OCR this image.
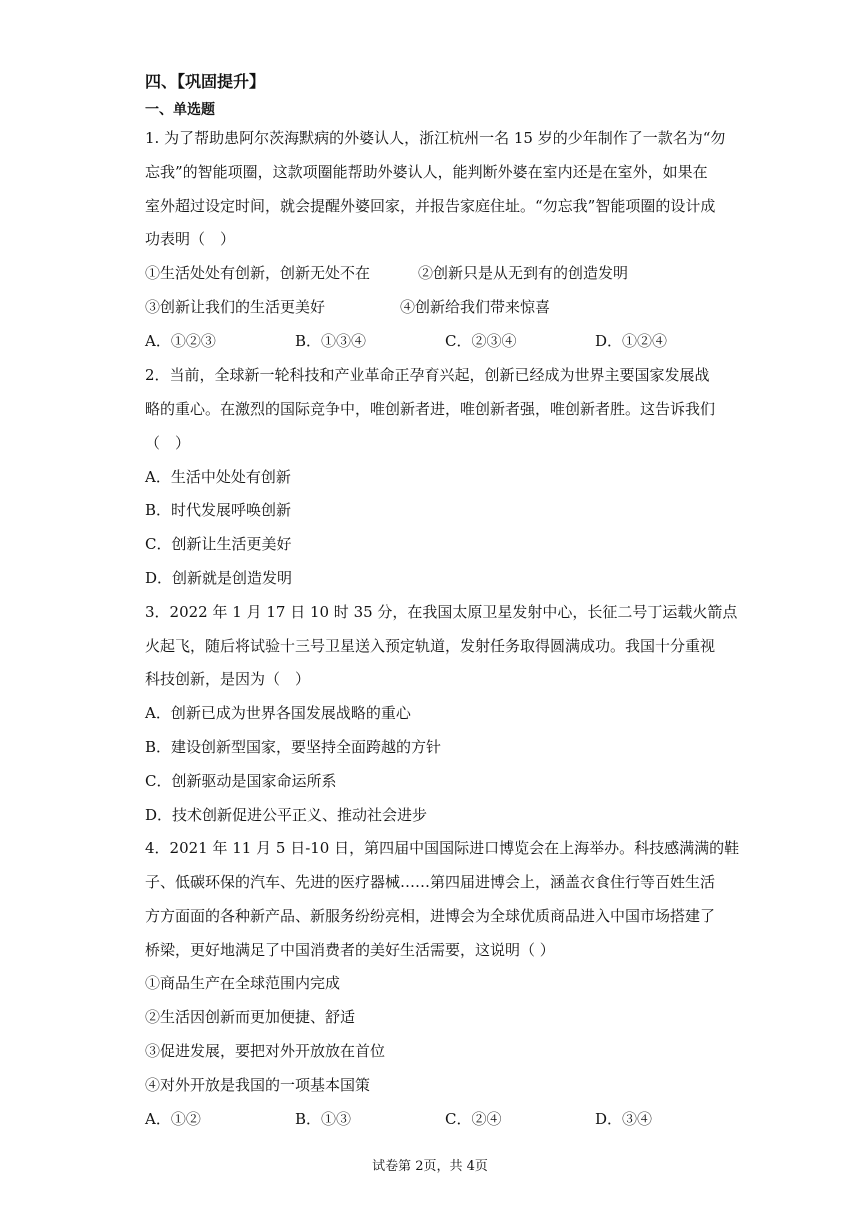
四、【巩固提升】
一、单选题
1. 为了帮助患阿尔茨海默病的外婆认人，浙江杭州一名 15 岁的少年制作了一款名为“勿
忘我”的智能项圈，这款项圈能帮助外婆认人，能判断外婆在室内还是在室外，如果在
室外超过设定时间，就会提醒外婆回家，并报告家庭住址。“勿忘我”智能项圈的设计成
功表明（　）
①生活处处有创新，创新无处不在	②创新只是从无到有的创造发明
③创新让我们的生活更美好	④创新给我们带来惊喜
A．①②③	B．①③④	C．②③④	D．①②④
2．当前，全球新一轮科技和产业革命正孕育兴起，创新已经成为世界主要国家发展战
略的重心。在激烈的国际竞争中，唯创新者进，唯创新者强，唯创新者胜。这告诉我们
（　）
A．生活中处处有创新
B．时代发展呼唤创新
C．创新让生活更美好
D．创新就是创造发明
3．2022 年 1 月 17 日 10 时 35 分，在我国太原卫星发射中心，长征二号丁运载火箭点
火起飞，随后将试验十三号卫星送入预定轨道，发射任务取得圆满成功。我国十分重视
科技创新，是因为（　）
A．创新已成为世界各国发展战略的重心
B．建设创新型国家，要坚持全面跨越的方针
C．创新驱动是国家命运所系
D．技术创新促进公平正义、推动社会进步
4．2021 年 11 月 5 日-10 日，第四届中国国际进口博览会在上海举办。科技感满满的鞋
子、低碳环保的汽车、先进的医疗器械……第四届进博会上，涵盖衣食住行等百姓生活
方方面面的各种新产品、新服务纷纷亮相，进博会为全球优质商品进入中国市场搭建了
桥梁，更好地满足了中国消费者的美好生活需要，这说明（ ）
①商品生产在全球范围内完成
②生活因创新而更加便捷、舒适
③促进发展，要把对外开放放在首位
④对外开放是我国的一项基本国策
A．①②	B．①③	C．②④	D．③④
试卷第 2页，共 4页
